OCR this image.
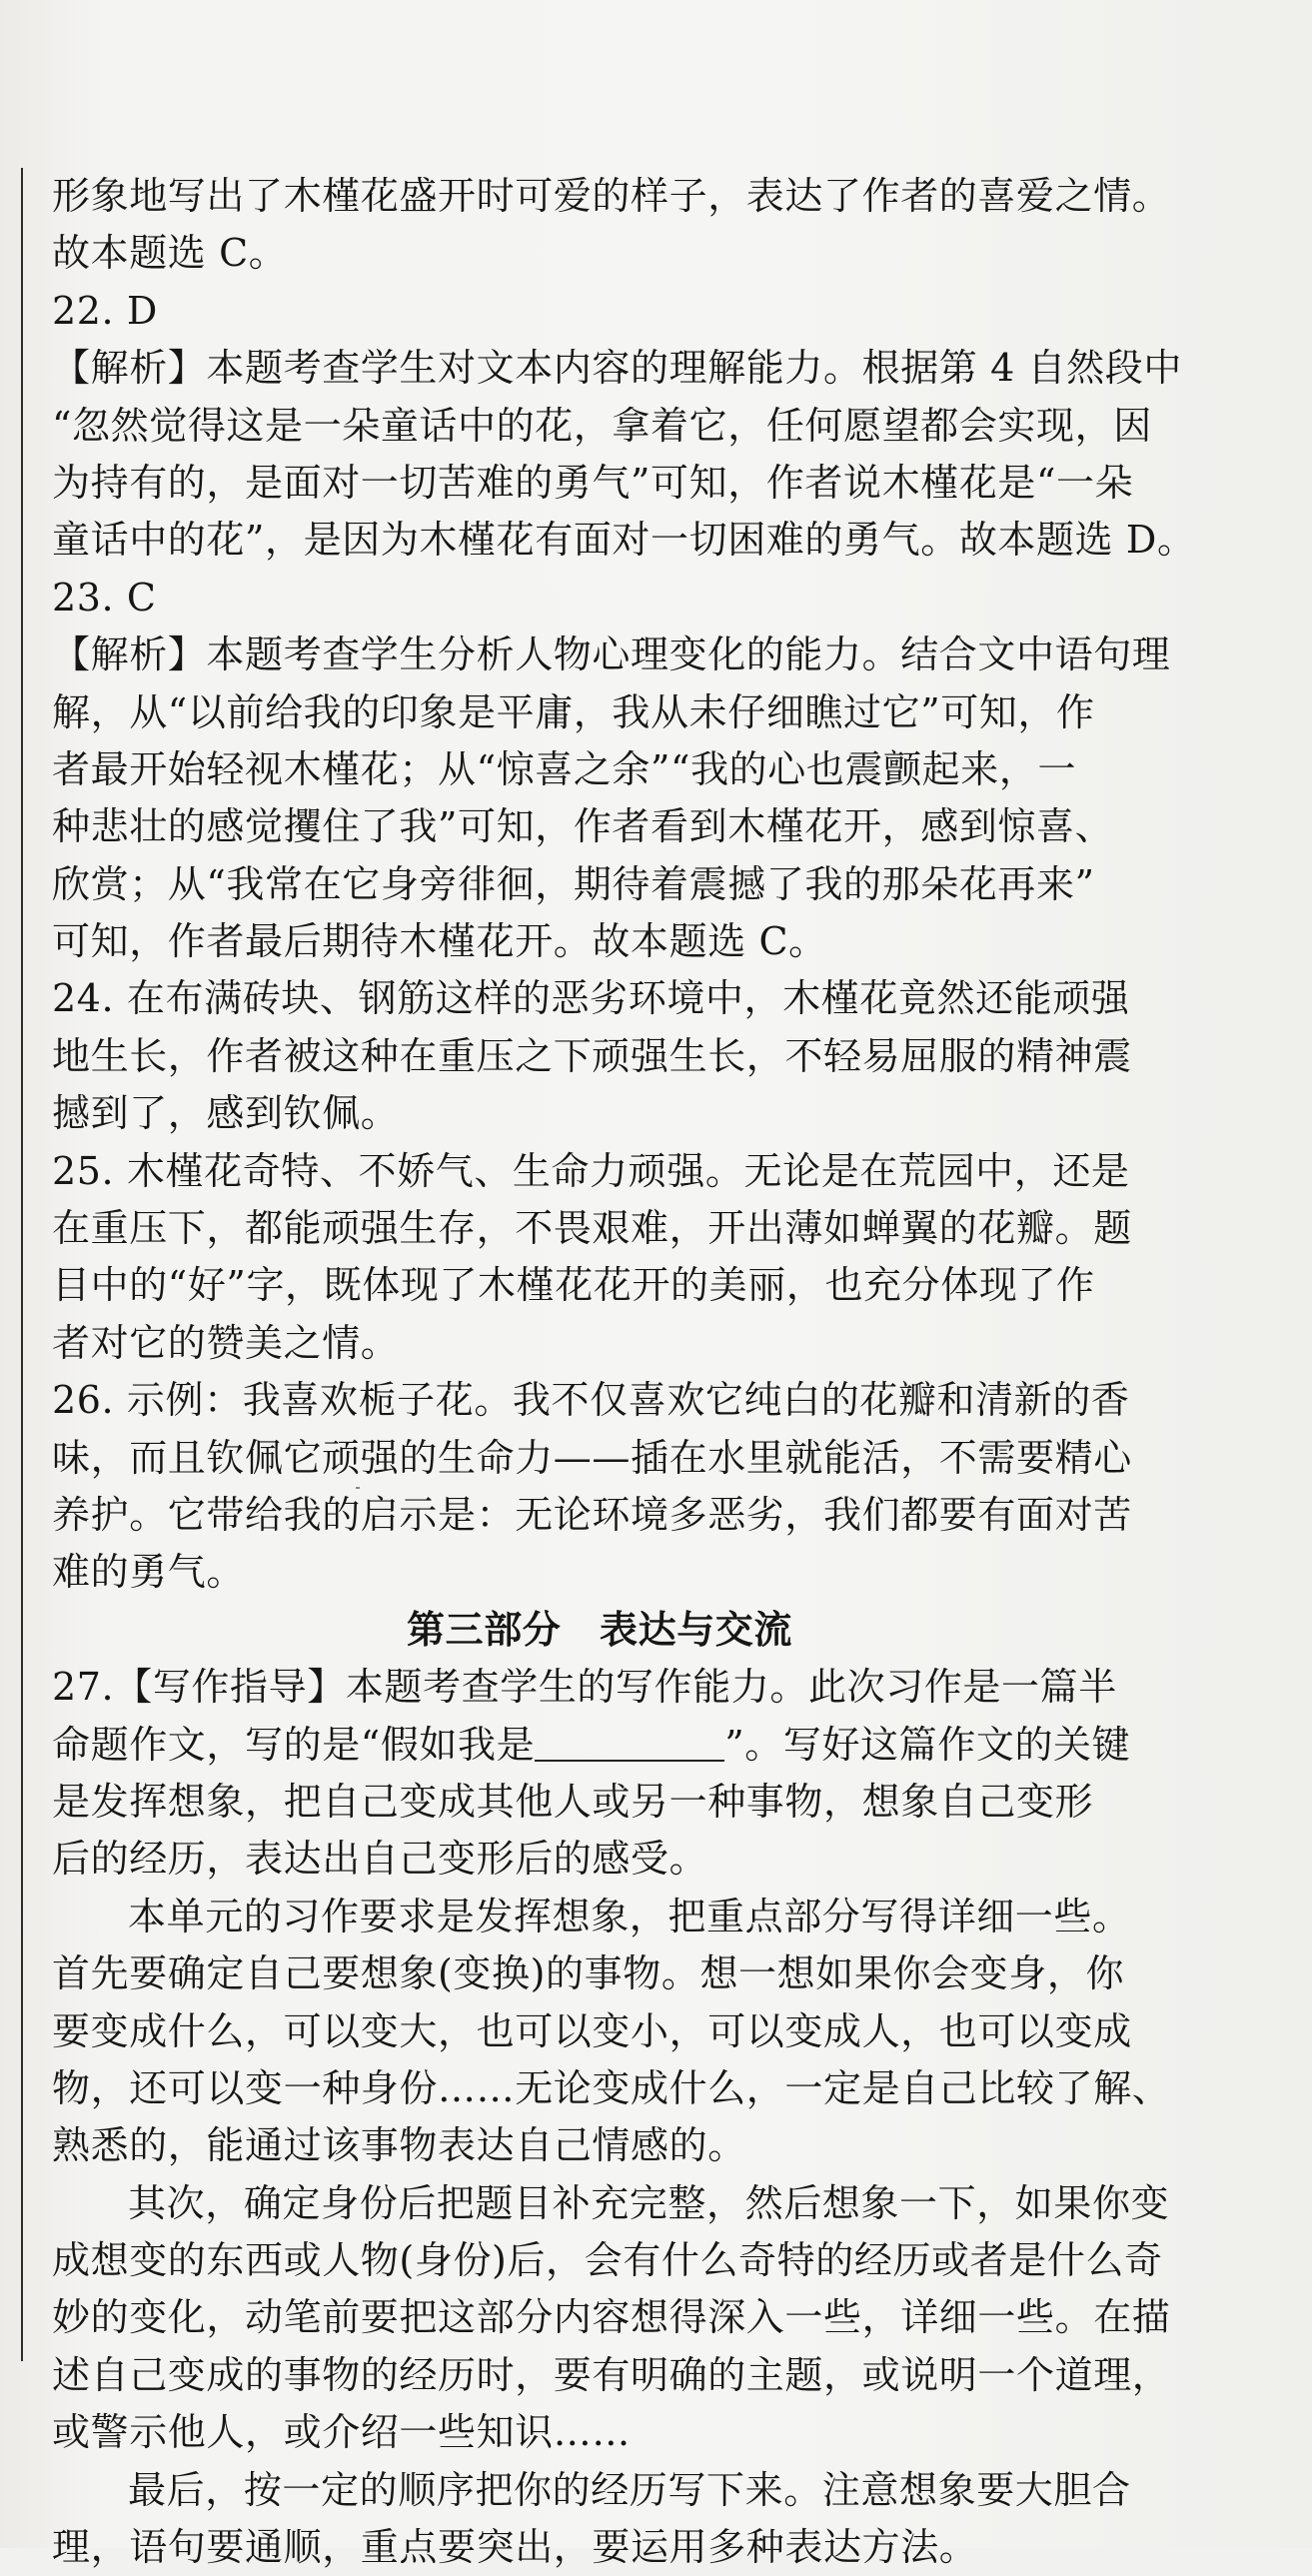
形象地写出了木槿花盛开时可爱的样子，表达了作者的喜爱之情。
故本题选 C。
22. D
【解析】本题考查学生对文本内容的理解能力。根据第 4 自然段中
“忽然觉得这是一朵童话中的花，拿着它，任何愿望都会实现，因
为持有的，是面对一切苦难的勇气”可知，作者说木槿花是“一朵
童话中的花”，是因为木槿花有面对一切困难的勇气。故本题选 D。
23. C
【解析】本题考查学生分析人物心理变化的能力。结合文中语句理
解，从“以前给我的印象是平庸，我从未仔细瞧过它”可知，作
者最开始轻视木槿花；从“惊喜之余”“我的心也震颤起来，一
种悲壮的感觉攫住了我”可知，作者看到木槿花开，感到惊喜、
欣赏；从“我常在它身旁徘徊，期待着震撼了我的那朵花再来”
可知，作者最后期待木槿花开。故本题选 C。
24. 在布满砖块、钢筋这样的恶劣环境中，木槿花竟然还能顽强
地生长，作者被这种在重压之下顽强生长，不轻易屈服的精神震
撼到了，感到钦佩。
25. 木槿花奇特、不娇气、生命力顽强。无论是在荒园中，还是
在重压下，都能顽强生存，不畏艰难，开出薄如蝉翼的花瓣。题
目中的“好”字，既体现了木槿花花开的美丽，也充分体现了作
者对它的赞美之情。
26. 示例：我喜欢栀子花。我不仅喜欢它纯白的花瓣和清新的香
味，而且钦佩它顽强的生命力——插在水里就能活，不需要精心
养护。它带给我的启示是：无论环境多恶劣，我们都要有面对苦
难的勇气。
第三部分　表达与交流
27.【写作指导】本题考查学生的写作能力。此次习作是一篇半
命题作文，写的是“假如我是	”。写好这篇作文的关键
是发挥想象，把自己变成其他人或另一种事物，想象自己变形
后的经历，表达出自己变形后的感受。
本单元的习作要求是发挥想象，把重点部分写得详细一些。
首先要确定自己要想象(变换)的事物。想一想如果你会变身，你
要变成什么，可以变大，也可以变小，可以变成人，也可以变成
物，还可以变一种身份……无论变成什么，一定是自己比较了解、
熟悉的，能通过该事物表达自己情感的。
其次，确定身份后把题目补充完整，然后想象一下，如果你变
成想变的东西或人物(身份)后，会有什么奇特的经历或者是什么奇
妙的变化，动笔前要把这部分内容想得深入一些，详细一些。在描
述自己变成的事物的经历时，要有明确的主题，或说明一个道理，
或警示他人，或介绍一些知识……
最后，按一定的顺序把你的经历写下来。注意想象要大胆合
理，语句要通顺，重点要突出，要运用多种表达方法。
